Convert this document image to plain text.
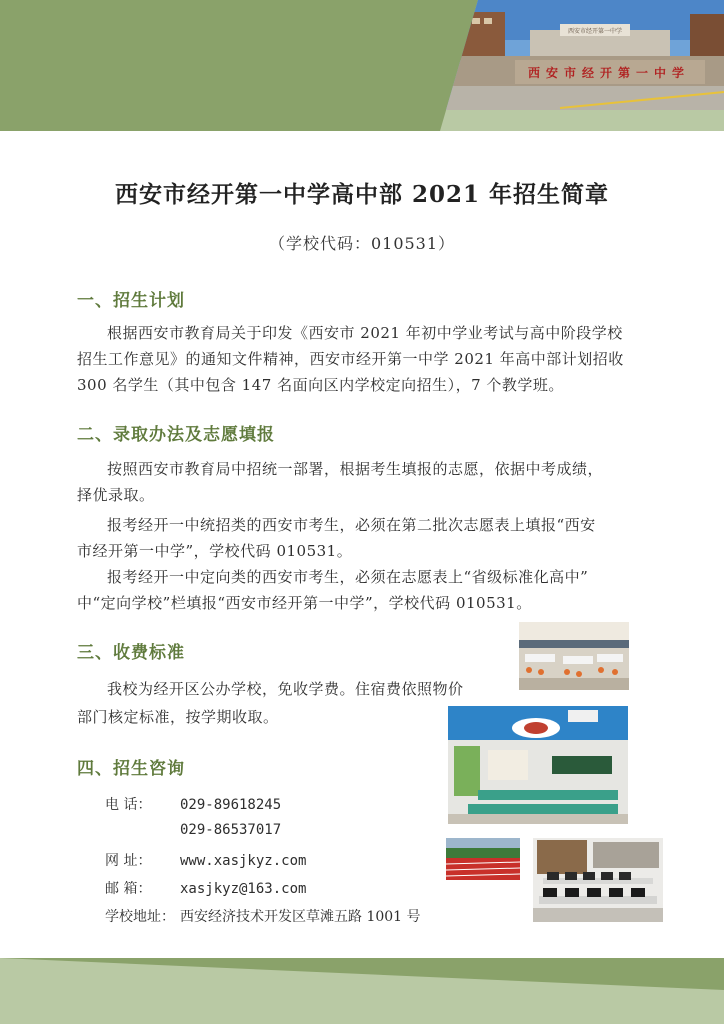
西安市经开第一中学
西安市经开第一中学
西安市经开第一中学高中部 2021 年招生简章
（学校代码：010531）
一、招生计划
根据西安市教育局关于印发《西安市 2021 年初中学业考试与高中阶段学校
招生工作意见》的通知文件精神，西安市经开第一中学 2021 年高中部计划招收
300 名学生（其中包含 147 名面向区内学校定向招生），7 个教学班。
二、录取办法及志愿填报
按照西安市教育局中招统一部署，根据考生填报的志愿，依据中考成绩，
择优录取。
报考经开一中统招类的西安市考生，必须在第二批次志愿表上填报“西安
市经开第一中学”，学校代码 010531。
报考经开一中定向类的西安市考生，必须在志愿表上“省级标准化高中”
中“定向学校”栏填报“西安市经开第一中学”，学校代码 010531。
三、收费标准
我校为经开区公办学校，免收学费。住宿费依照物价
部门核定标准，按学期收取。
四、招生咨询
电 话： 029-89618245
029-86537017
网 址： www.xasjkyz.com
邮 箱： xasjkyz@163.com
学校地址： 西安经济技术开发区草滩五路 1001 号
